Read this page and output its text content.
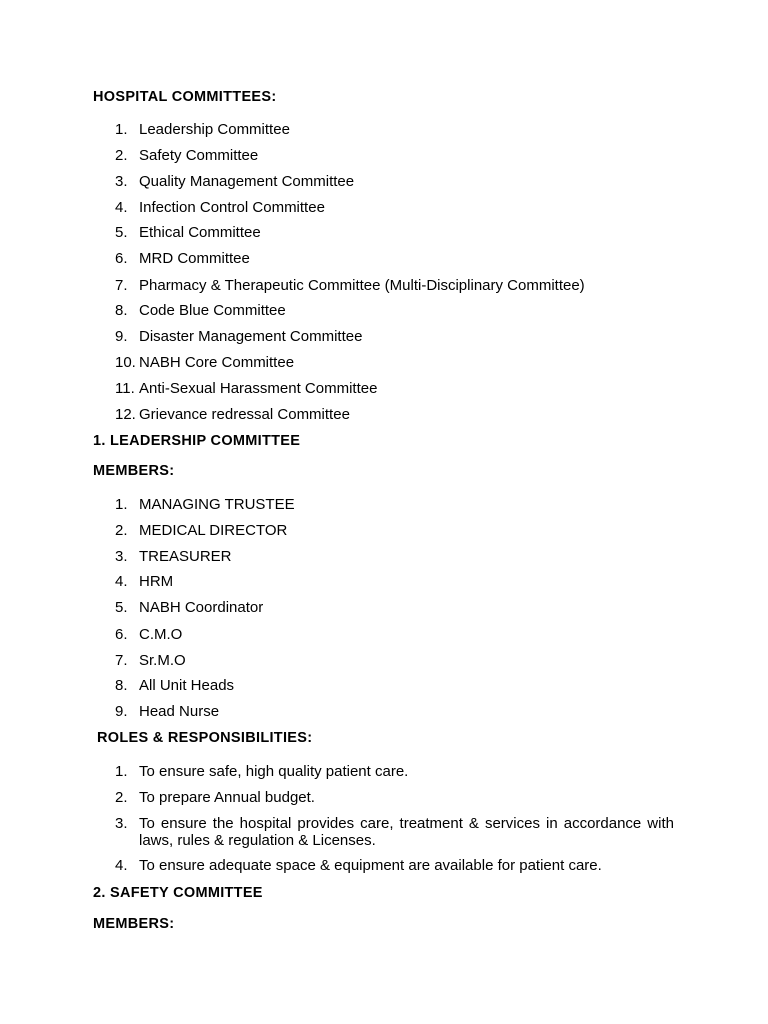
HOSPITAL COMMITTEES:
1. Leadership Committee
2. Safety Committee
3. Quality Management Committee
4. Infection Control Committee
5. Ethical Committee
6. MRD Committee
7. Pharmacy & Therapeutic Committee (Multi-Disciplinary Committee)
8. Code Blue Committee
9. Disaster Management Committee
10. NABH Core Committee
11. Anti-Sexual Harassment Committee
12. Grievance redressal Committee
1. LEADERSHIP COMMITTEE
MEMBERS:
1. MANAGING TRUSTEE
2. MEDICAL DIRECTOR
3. TREASURER
4. HRM
5. NABH Coordinator
6. C.M.O
7. Sr.M.O
8. All Unit Heads
9. Head Nurse
ROLES & RESPONSIBILITIES:
1. To ensure safe, high quality patient care.
2. To prepare Annual budget.
3. To ensure the hospital provides care, treatment & services in accordance with laws, rules & regulation & Licenses.
4. To ensure adequate space & equipment are available for patient care.
2. SAFETY COMMITTEE
MEMBERS:
